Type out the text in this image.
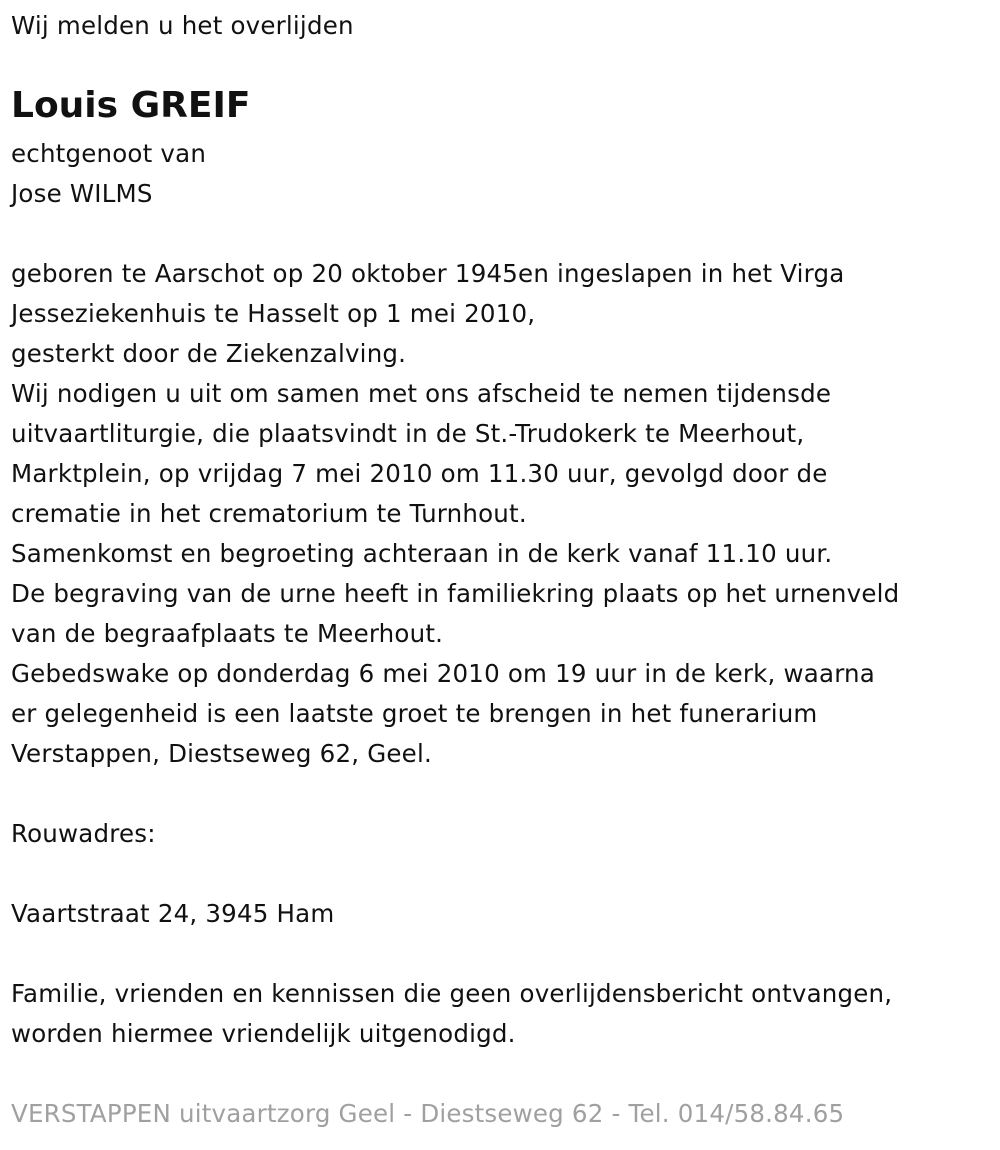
Wij melden u het overlijden

Louis GREIF

echtgenoot van

Jose WILMS

geboren te Aarschot op 20 oktober 1945en ingeslapen in het Virga

Jesseziekenhuis te Hasselt op 1 mei 2010,

gesterkt door de Ziekenzalving.

Wij nodigen u uit om samen met ons afscheid te nemen tijdensde

uitvaartliturgie, die plaatsvindt in de St.-Trudokerk te Meerhout,

Marktplein, op vrijdag 7 mei 2010 om 11.30 uur, gevolgd door de

crematie in het crematorium te Turnhout.

Samenkomst en begroeting achteraan in de kerk vanaf 11.10 uur.

De begraving van de urne heeft in familiekring plaats op het urnenveld

van de begraafplaats te Meerhout.

Gebedswake op donderdag 6 mei 2010 om 19 uur in de kerk, waarna

er gelegenheid is een laatste groet te brengen in het funerarium

Verstappen, Diestseweg 62, Geel.

Rouwadres:

Vaartstraat 24, 3945 Ham

Familie, vrienden en kennissen die geen overlijdensbericht ontvangen,

worden hiermee vriendelijk uitgenodigd.

VERSTAPPEN uitvaartzorg Geel - Diestseweg 62 - Tel. 014/58.84.65
